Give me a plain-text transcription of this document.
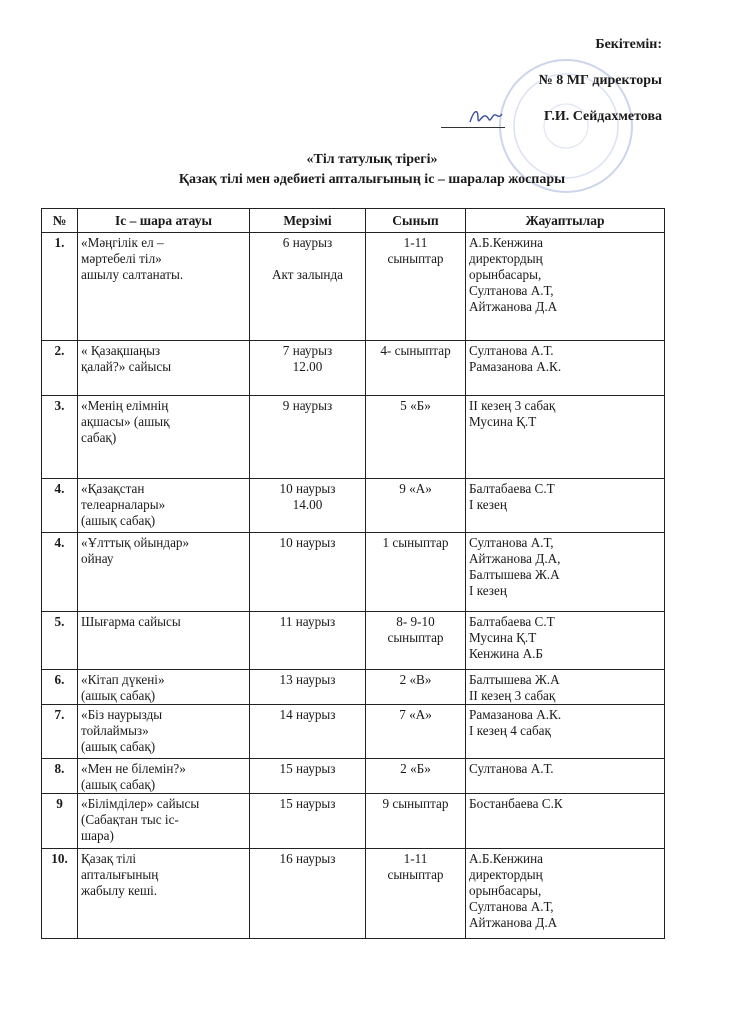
Бекітемін:
№ 8 МГ директоры
Г.И. Сейдахметова
«Тіл татулық тірегі»
Қазақ тілі мен әдебиеті апталығының іс – шаралар жоспары
№	Іс – шара атауы	Мерзімі	Сынып	Жауаптылар
1.	«Мәңгілік ел –
мәртебелі тіл»
ашылу салтанаты.	6 наурыз

Акт залында	1-11
сыныптар	А.Б.Кенжина
директордың
орынбасары,
Султанова А.Т,
Айтжанова Д.А
2.	« Қазақшаңыз
қалай?» сайысы	7 наурыз
12.00	4- сыныптар	Султанова А.Т.
Рамазанова А.К.
3.	«Менің елімнің
ақшасы» (ашық
сабақ)	9 наурыз	5 «Б»	ІІ кезең 3 сабақ
Мусина Қ.Т
4.	«Қазақстан
телеарналары»
(ашық сабақ)	10 наурыз
14.00	9 «А»	Балтабаева С.Т
І кезең
4.	«Ұлттық ойындар»
ойнау	10 наурыз	1 сыныптар	Султанова А.Т,
Айтжанова Д.А,
Балтышева Ж.А
І кезең
5.	Шығарма сайысы	11 наурыз	8- 9-10
сыныптар	Балтабаева С.Т
Мусина Қ.Т
Кенжина А.Б
6.	«Кітап дүкені»
(ашық сабақ)	13 наурыз	2 «В»	Балтышева Ж.А
ІІ кезең 3 сабақ
7.	«Біз наурызды
тойлаймыз»
(ашық сабақ)	14 наурыз	7 «А»	Рамазанова А.К.
І кезең 4 сабақ
8.	«Мен не білемін?»
(ашық сабақ)	15 наурыз	2 «Б»	Султанова А.Т.
9	«Білімділер» сайысы
(Сабақтан тыс іс-
шара)	15 наурыз	9 сыныптар	Бостанбаева С.К
10.	Қазақ тілі
апталығының
жабылу кеші.	16 наурыз	1-11
сыныптар	А.Б.Кенжина
директордың
орынбасары,
Султанова А.Т,
Айтжанова Д.А
